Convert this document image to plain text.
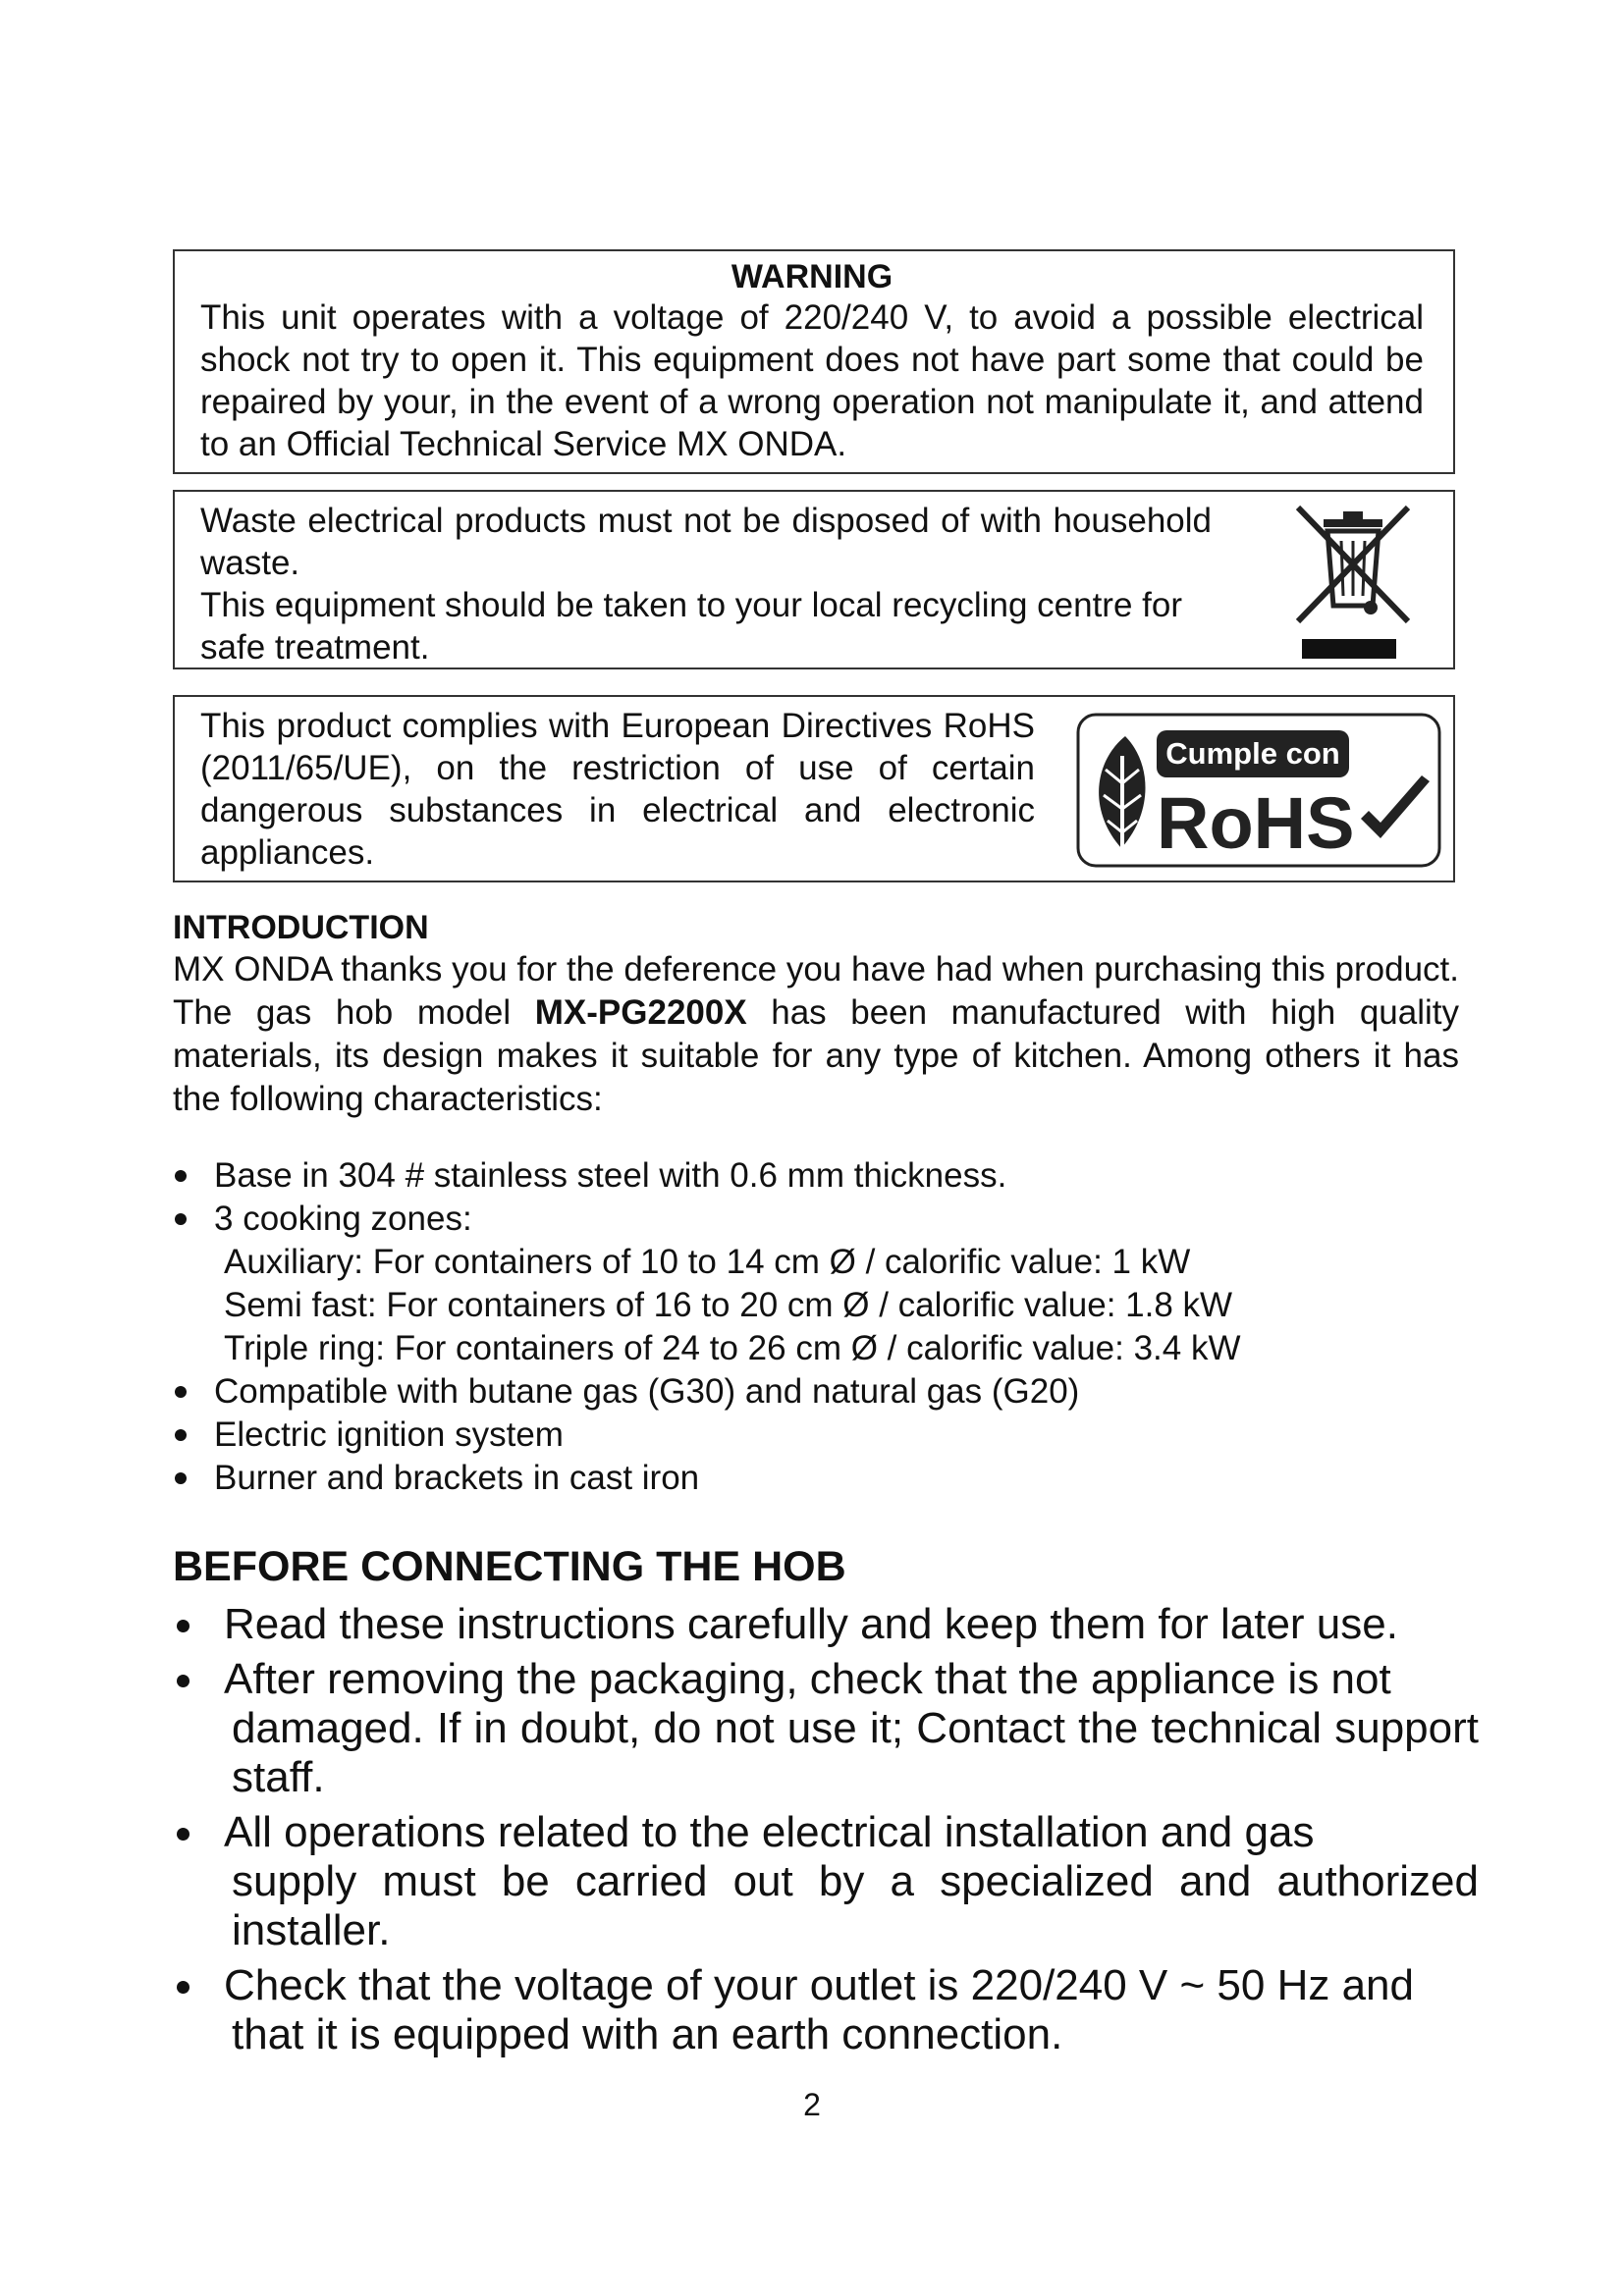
WARNING

This unit operates with a voltage of 220/240 V, to avoid a possible electrical shock not try to open it. This equipment does not have part some that could be repaired by your, in the event of a wrong operation not manipulate it, and attend to an Official Technical Service MX ONDA.

Waste electrical products must not be disposed of with household waste.

This equipment should be taken to your local recycling centre for safe treatment.

This product complies with European Directives RoHS (2011/65/UE), on the restriction of use of certain dangerous substances in electrical and electronic appliances.

Cumple con
RoHS
INTRODUCTION

MX ONDA thanks you for the deference you have had when purchasing this product. The gas hob model MX-PG2200X has been manufactured with high quality materials, its design makes it suitable for any type of kitchen. Among others it has the following characteristics:

Base in 304 # stainless steel with 0.6 mm thickness.
3 cooking zones:
Auxiliary: For containers of 10 to 14 cm Ø / calorific value: 1 kW
Semi fast: For containers of 16 to 20 cm Ø / calorific value: 1.8 kW
Triple ring: For containers of 24 to 26 cm Ø / calorific value: 3.4 kW
Compatible with butane gas (G30) and natural gas (G20)
Electric ignition system
Burner and brackets in cast iron
BEFORE CONNECTING THE HOB
Read these instructions carefully and keep them for later use.
After removing the packaging, check that the appliance is not
damaged. If in doubt, do not use it; Contact the technical support staff.
All operations related to the electrical installation and gas
supply must be carried out by a specialized and authorized installer.
Check that the voltage of your outlet is 220/240 V ~ 50 Hz and
that it is equipped with an earth connection.
2
